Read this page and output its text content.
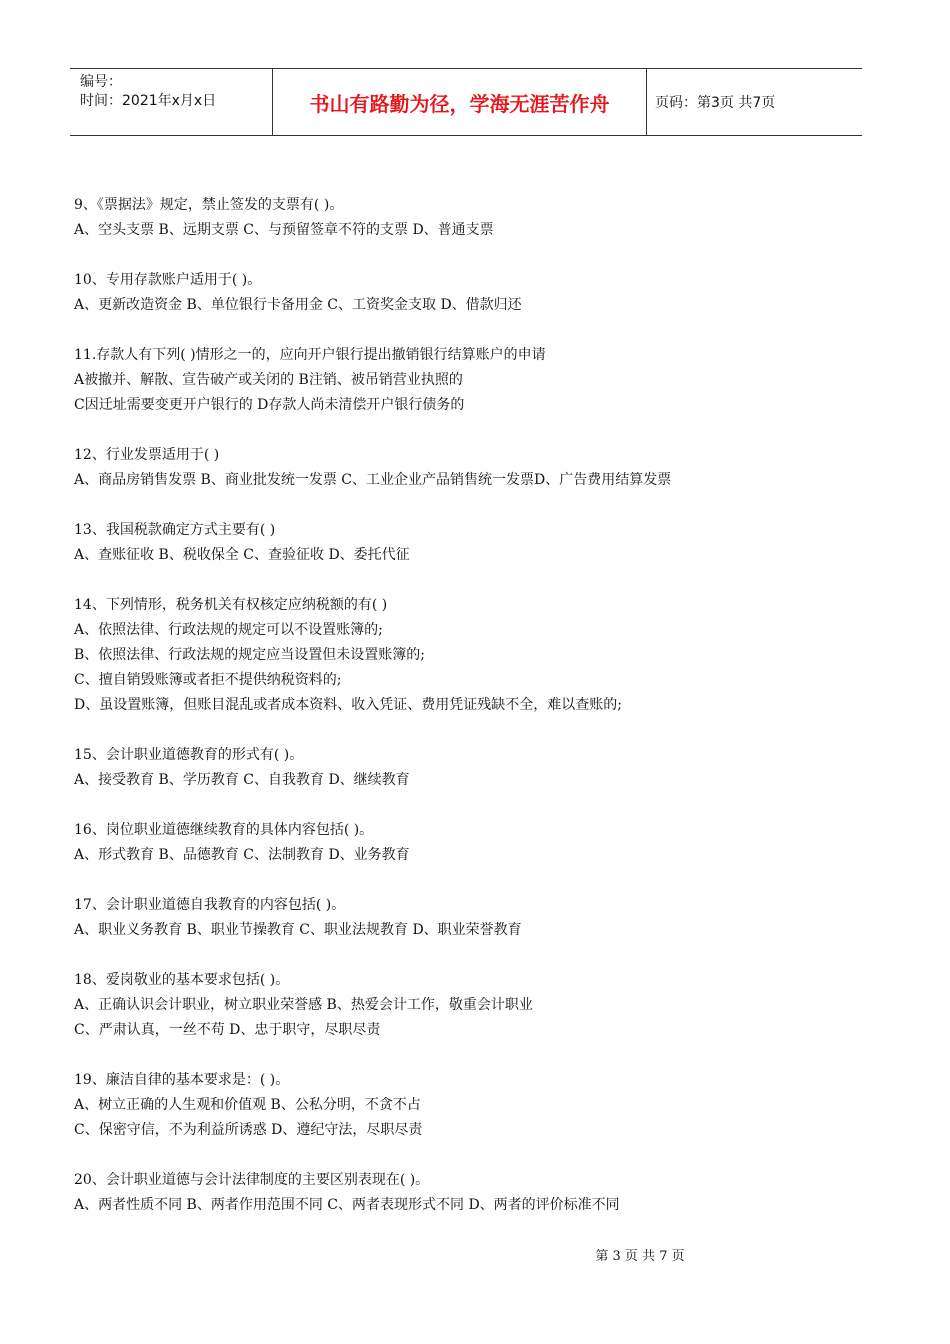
编号：
时间：2021年x月x日	书山有路勤为径，学海无涯苦作舟	页码：第3页 共7页
9、《票据法》规定，禁止签发的支票有( )。
A、空头支票 B、远期支票 C、与预留签章不符的支票 D、普通支票
10、专用存款账户适用于( )。
A、更新改造资金 B、单位银行卡备用金 C、工资奖金支取 D、借款归还
11.存款人有下列( )情形之一的，应向开户银行提出撤销银行结算账户的申请
A被撤并、解散、宣告破产或关闭的 B注销、被吊销营业执照的
C因迁址需要变更开户银行的 D存款人尚未清偿开户银行债务的
12、行业发票适用于( )
A、商品房销售发票 B、商业批发统一发票 C、工业企业产品销售统一发票D、广告费用结算发票
13、我国税款确定方式主要有( )
A、查账征收 B、税收保全 C、查验征收 D、委托代征
14、下列情形，税务机关有权核定应纳税额的有( )
A、依照法律、行政法规的规定可以不设置账簿的;
B、依照法律、行政法规的规定应当设置但未设置账簿的;
C、擅自销毁账簿或者拒不提供纳税资料的;
D、虽设置账簿，但账目混乱或者成本资料、收入凭证、费用凭证残缺不全，难以查账的;
15、会计职业道德教育的形式有( )。
A、接受教育 B、学历教育 C、自我教育 D、继续教育
16、岗位职业道德继续教育的具体内容包括( )。
A、形式教育 B、品德教育 C、法制教育 D、业务教育
17、会计职业道德自我教育的内容包括( )。
A、职业义务教育 B、职业节操教育 C、职业法规教育 D、职业荣誉教育
18、爱岗敬业的基本要求包括( )。
A、正确认识会计职业，树立职业荣誉感 B、热爱会计工作，敬重会计职业
C、严肃认真，一丝不苟 D、忠于职守，尽职尽责
19、廉洁自律的基本要求是：( )。
A、树立正确的人生观和价值观 B、公私分明，不贪不占
C、保密守信，不为利益所诱惑 D、遵纪守法，尽职尽责
20、会计职业道德与会计法律制度的主要区别表现在( )。
A、两者性质不同 B、两者作用范围不同 C、两者表现形式不同 D、两者的评价标准不同
第 3 页 共 7 页
